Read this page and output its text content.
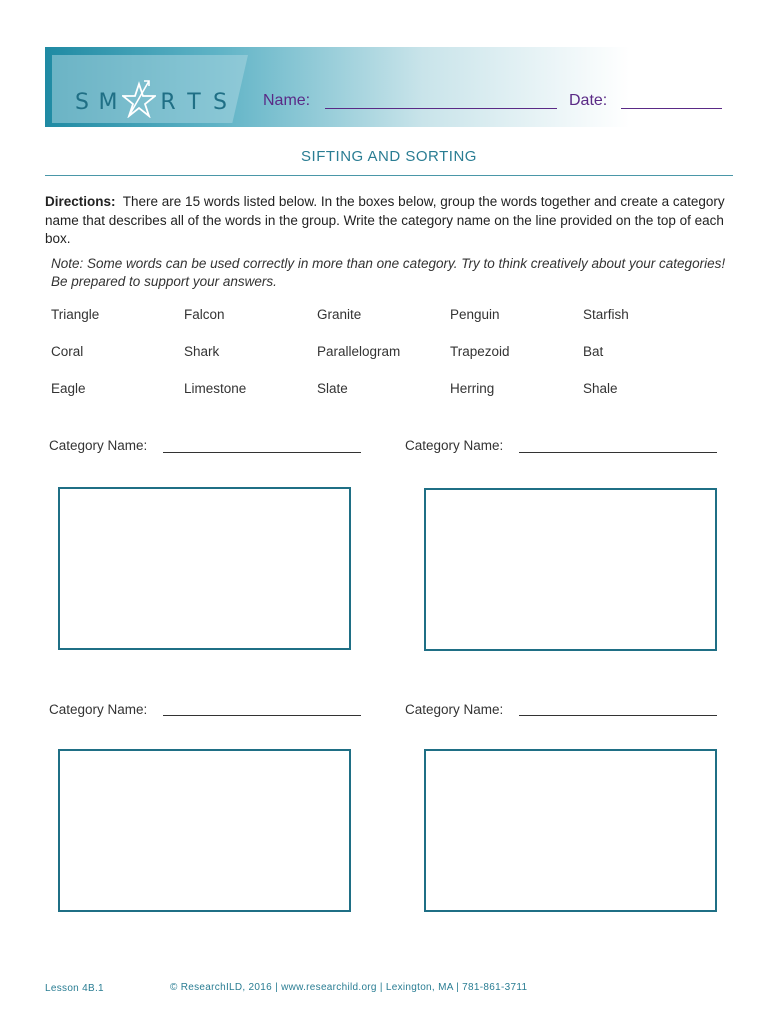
S M R T S	Name:	Date:
SIFTING AND SORTING
Directions: There are 15 words listed below. In the boxes below, group the words together and create a category name that describes all of the words in the group. Write the category name on the line provided on the top of each box.
Note: Some words can be used correctly in more than one category. Try to think creatively about your categories! Be prepared to support your answers.
Triangle	Falcon	Granite	Penguin	Starfish
Coral	Shark	Parallelogram	Trapezoid	Bat
Eagle	Limestone	Slate	Herring	Shale
Category Name:	Category Name:
Category Name:	Category Name:
Lesson 4B.1	© ResearchILD, 2016 | www.researchild.org | Lexington, MA | 781-861-3711
